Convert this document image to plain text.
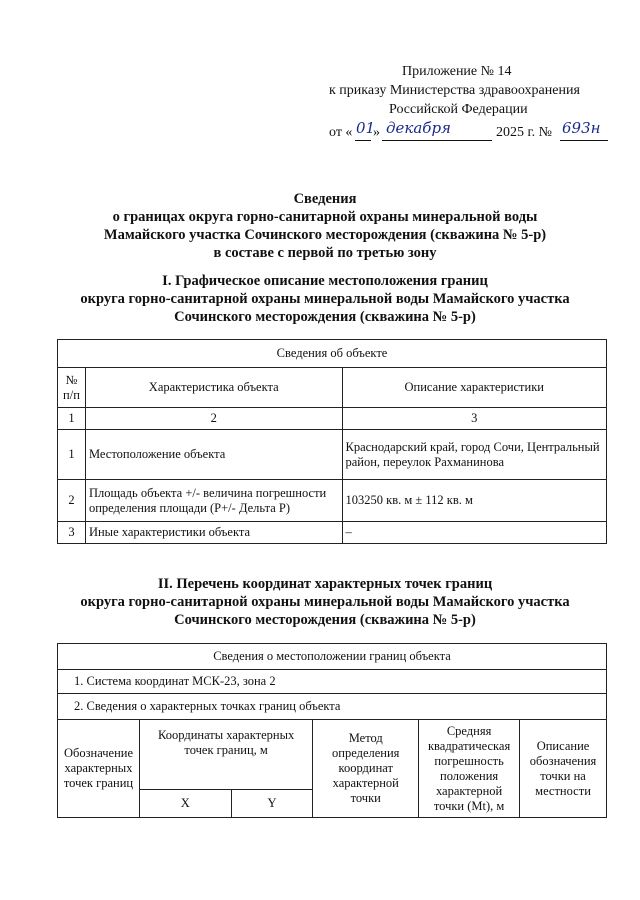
Приложение № 14
к приказу Министерства здравоохранения
Российской Федерации
от « 01
» декабря	2025 г. № 693н
Сведения
о границах округа горно-санитарной охраны минеральной воды
Мамайского участка Сочинского месторождения (скважина № 5-р)
в составе с первой по третью зону
I. Графическое описание местоположения границ
округа горно-санитарной охраны минеральной воды Мамайского участка
Сочинского месторождения (скважина № 5-р)
Сведения об объекте		
№ п/п	Характеристика объекта	Описание характеристики
1	2	3
1	Местоположение объекта	Краснодарский край, город Сочи, Центральный район, переулок Рахманинова
2	Площадь объекта +/- величина погрешности определения площади (P+/- Дельта P)	103250 кв. м ± 112 кв. м
3	Иные характеристики объекта	–
II. Перечень координат характерных точек границ
округа горно-санитарной охраны минеральной воды Мамайского участка
Сочинского месторождения (скважина № 5-р)
Сведения о местоположении границ объекта					
1. Система координат МСК-23, зона 2					
2. Сведения о характерных точках границ объекта					
Обозначение характерных точек границ	Координаты характерных точек границ, м		Метод определения координат характерной точки	Средняя квадратическая погрешность положения характерной точки (Mt), м	Описание обозначения точки на местности
	X	Y			
